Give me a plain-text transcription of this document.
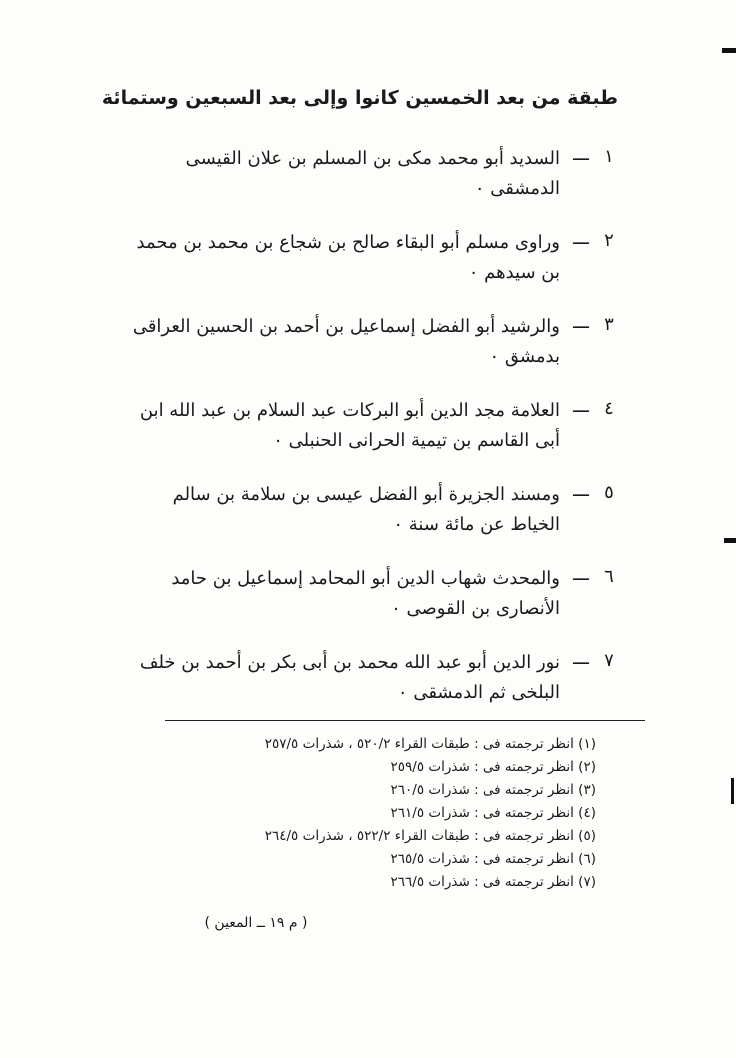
طبقة من بعد الخمسين كانوا وإلى بعد السبعين وستمائة
١
ـــ
السديد أبو محمد مكى بن المسلم بن علان القيسى الدمشقى ٠
٢
ـــ
وراوى مسلم أبو البقاء صالح بن شجاع بن محمد بن محمد بن سيدهم ٠
٣
ـــ
والرشيد أبو الفضل إسماعيل بن أحمد بن الحسين العراقى بدمشق ٠
٤
ـــ
العلامة مجد الدين أبو البركات عبد السلام بن عبد الله ابن أبى القاسم بن تيمية الحرانى الحنبلى ٠
٥
ـــ
ومسند الجزيرة أبو الفضل عيسى بن سلامة بن سالم الخياط عن مائة سنة ٠
٦
ـــ
والمحدث شهاب الدين أبو المحامد إسماعيل بن حامد الأنصارى بن القوصى ٠
٧
ـــ
نور الدين أبو عبد الله محمد بن أبى بكر بن أحمد بن خلف البلخى ثم الدمشقى ٠
(١) انظر ترجمته فى : طبقات القراء ٥٢٠/٢ ، شذرات ٢٥٧/٥
(٢) انظر ترجمته فى : شذرات ٢٥٩/٥
(٣) انظر ترجمته فى : شذرات ٢٦٠/٥
(٤) انظر ترجمته فى : شذرات ٢٦١/٥
(٥) انظر ترجمته فى : طبقات القراء ٥٢٢/٢ ، شذرات ٢٦٤/٥
(٦) انظر ترجمته فى : شذرات ٢٦٥/٥
(٧) انظر ترجمته فى : شذرات ٢٦٦/٥
( م ١٩ ــ المعين )
